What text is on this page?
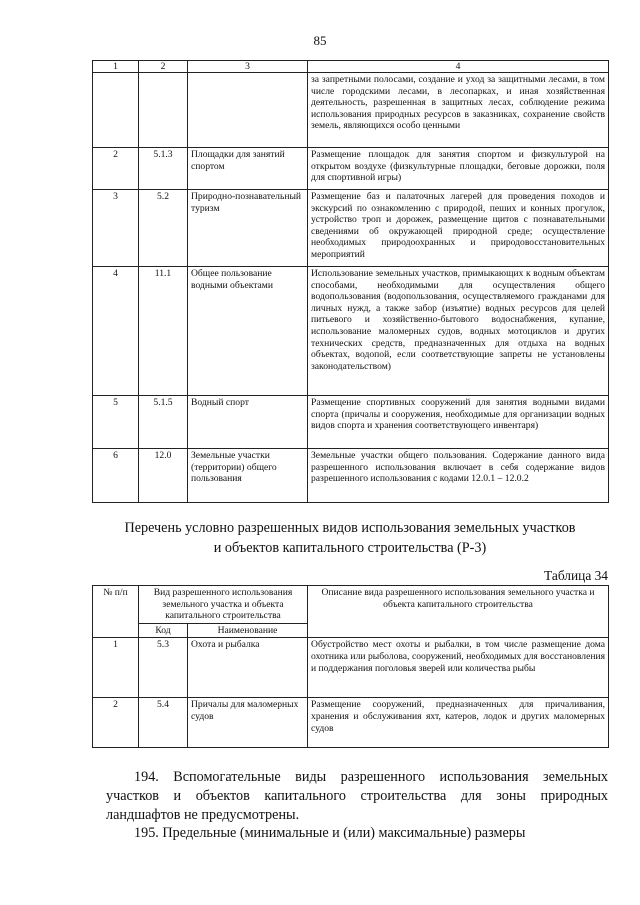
85
1	2	3	4
			за запретными полосами, создание и уход за защитными лесами, в том числе городскими лесами, в лесопарках, и иная хозяйственная деятельность, разрешенная в защитных лесах, соблюдение режима использования природных ресурсов в заказниках, сохранение свойств земель, являющихся особо ценными
2	5.1.3	Площадки для занятий спортом	Размещение площадок для занятия спортом и физкультурой на открытом воздухе (физкультурные площадки, беговые дорожки, поля для спортивной игры)
3	5.2	Природно-познавательный туризм	Размещение баз и палаточных лагерей для проведения походов и экскурсий по ознакомлению с природой, пеших и конных прогулок, устройство троп и дорожек, размещение щитов с познавательными сведениями об окружающей природной среде; осуществление необходимых природоохранных и природовосстановительных мероприятий
4	11.1	Общее пользование водными объектами	Использование земельных участков, примыкающих к водным объектам способами, необходимыми для осуществления общего водопользования (водопользования, осуществляемого гражданами для личных нужд, а также забор (изъятие) водных ресурсов для целей питьевого и хозяйственно-бытового водоснабжения, купание, использование маломерных судов, водных мотоциклов и других технических средств, предназначенных для отдыха на водных объектах, водопой, если соответствующие запреты не установлены законодательством)
5	5.1.5	Водный спорт	Размещение спортивных сооружений для занятия водными видами спорта (причалы и сооружения, необходимые для организации водных видов спорта и хранения соответствующего инвентаря)
6	12.0	Земельные участки (территории) общего пользования	Земельные участки общего пользования. Содержание данного вида разрешенного использования включает в себя содержание видов разрешенного использования с кодами 12.0.1 – 12.0.2
Перечень условно разрешенных видов использования земельных участков
и объектов капитального строительства (Р-3)
Таблица 34
№ п/п	Вид разрешенного использования земельного участка и объекта капитального строительства		Описание вида разрешенного использования земельного участка и объекта капитального строительства
	Код	Наименование	
1	5.3	Охота и рыбалка	Обустройство мест охоты и рыбалки, в том числе размещение дома охотника или рыболова, сооружений, необходимых для восстановления и поддержания поголовья зверей или количества рыбы
2	5.4	Причалы для маломерных судов	Размещение сооружений, предназначенных для причаливания, хранения и обслуживания яхт, катеров, лодок и других маломерных судов
194. Вспомогательные виды разрешенного использования земельных участков и объектов капитального строительства для зоны природных ландшафтов не предусмотрены.
195. Предельные (минимальные и (или) максимальные) размеры
